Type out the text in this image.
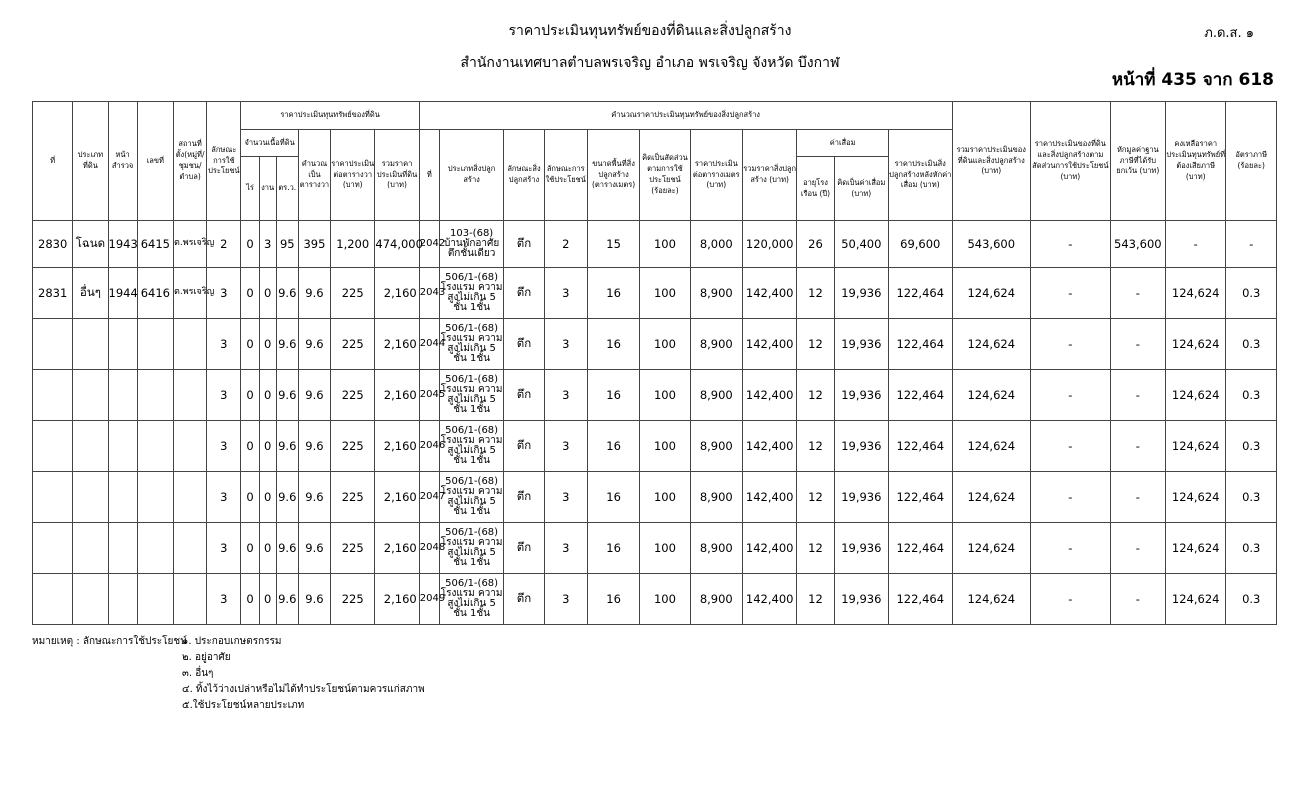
ราคาประเมินทุนทรัพย์ของที่ดินและสิ่งปลูกสร้าง	ภ.ด.ส. ๑
สำนักงานเทศบาลตำบลพรเจริญ อำเภอ พรเจริญ จังหวัด บึงกาฬ
หน้าที่ 435 จาก 618
ที่	ประเภทที่ดิน	หน้าสำรวจ	เลขที่	สถานที่ตั้ง(หมู่ที่/ชุมชน/ตำบล)	ลักษณะการใช้ประโยชน์	ราคาประเมินทุนทรัพย์ของที่ดิน						คำนวณราคาประเมินทุนทรัพย์ของสิ่งปลูกสร้าง											รวมราคาประเมินของที่ดินและสิ่งปลูกสร้าง (บาท)	ราคาประเมินของที่ดินและสิ่งปลูกสร้างตามสัดส่วนการใช้ประโยชน์ (บาท)	หักมูลค่าฐานภาษีที่ได้รับยกเว้น (บาท)	คงเหลือราคาประเมินทุนทรัพย์ที่ต้องเสียภาษี (บาท)	อัตราภาษี (ร้อยละ)
						จำนวนเนื้อที่ดิน			คำนวณเป็นตารางวา	ราคาประเมินต่อตารางวา (บาท)	รวมราคาประเมินที่ดิน (บาท)	ที่	ประเภทสิ่งปลูกสร้าง	ลักษณะสิ่งปลูกสร้าง	ลักษณะการใช้ประโยชน์	ขนาดพื้นที่สิ่งปลูกสร้าง (ตารางเมตร)	คิดเป็นสัดส่วนตามการใช้ประโยชน์ (ร้อยละ)	ราคาประเมินต่อตารางเมตร (บาท)	รวมราคาสิ่งปลูกสร้าง (บาท)	ค่าเสื่อม		ราคาประเมินสิ่งปลูกสร้างหลังหักค่าเสื่อม (บาท)					
						ไร่	งาน	ตร.ว.												อายุโรงเรือน (ปี)	คิดเป็นค่าเสื่อม (บาท)						
2830	โฉนด	1943	6415	ต.พรเจริญ	2	0	3	95	395	1,200	474,000	2042	103-(68) บ้านพักอาศัยตึกชั้นเดียว	ตึก	2	15	100	8,000	120,000	26	50,400	69,600	543,600	-	543,600	-	-
2831	อื่นๆ	1944	6416	ต.พรเจริญ	3	0	0	9.6	9.6	225	2,160	2043	506/1-(68) โรงแรม ความสูงไม่เกิน 5 ชั้น 1ชั้น	ตึก	3	16	100	8,900	142,400	12	19,936	122,464	124,624	-	-	124,624	0.3
					3	0	0	9.6	9.6	225	2,160	2044	506/1-(68) โรงแรม ความสูงไม่เกิน 5 ชั้น 1ชั้น	ตึก	3	16	100	8,900	142,400	12	19,936	122,464	124,624	-	-	124,624	0.3
					3	0	0	9.6	9.6	225	2,160	2045	506/1-(68) โรงแรม ความสูงไม่เกิน 5 ชั้น 1ชั้น	ตึก	3	16	100	8,900	142,400	12	19,936	122,464	124,624	-	-	124,624	0.3
					3	0	0	9.6	9.6	225	2,160	2046	506/1-(68) โรงแรม ความสูงไม่เกิน 5 ชั้น 1ชั้น	ตึก	3	16	100	8,900	142,400	12	19,936	122,464	124,624	-	-	124,624	0.3
					3	0	0	9.6	9.6	225	2,160	2047	506/1-(68) โรงแรม ความสูงไม่เกิน 5 ชั้น 1ชั้น	ตึก	3	16	100	8,900	142,400	12	19,936	122,464	124,624	-	-	124,624	0.3
					3	0	0	9.6	9.6	225	2,160	2048	506/1-(68) โรงแรม ความสูงไม่เกิน 5 ชั้น 1ชั้น	ตึก	3	16	100	8,900	142,400	12	19,936	122,464	124,624	-	-	124,624	0.3
					3	0	0	9.6	9.6	225	2,160	2049	506/1-(68) โรงแรม ความสูงไม่เกิน 5 ชั้น 1ชั้น	ตึก	3	16	100	8,900	142,400	12	19,936	122,464	124,624	-	-	124,624	0.3
หมายเหตุ : ลักษณะการใช้ประโยชน์
๑. ประกอบเกษตรกรรม
๒. อยู่อาศัย
๓. อื่นๆ
๔. ทิ้งไว้ว่างเปล่าหรือไม่ได้ทำประโยชน์ตามควรแก่สภาพ
๕.ใช้ประโยชน์หลายประเภท
